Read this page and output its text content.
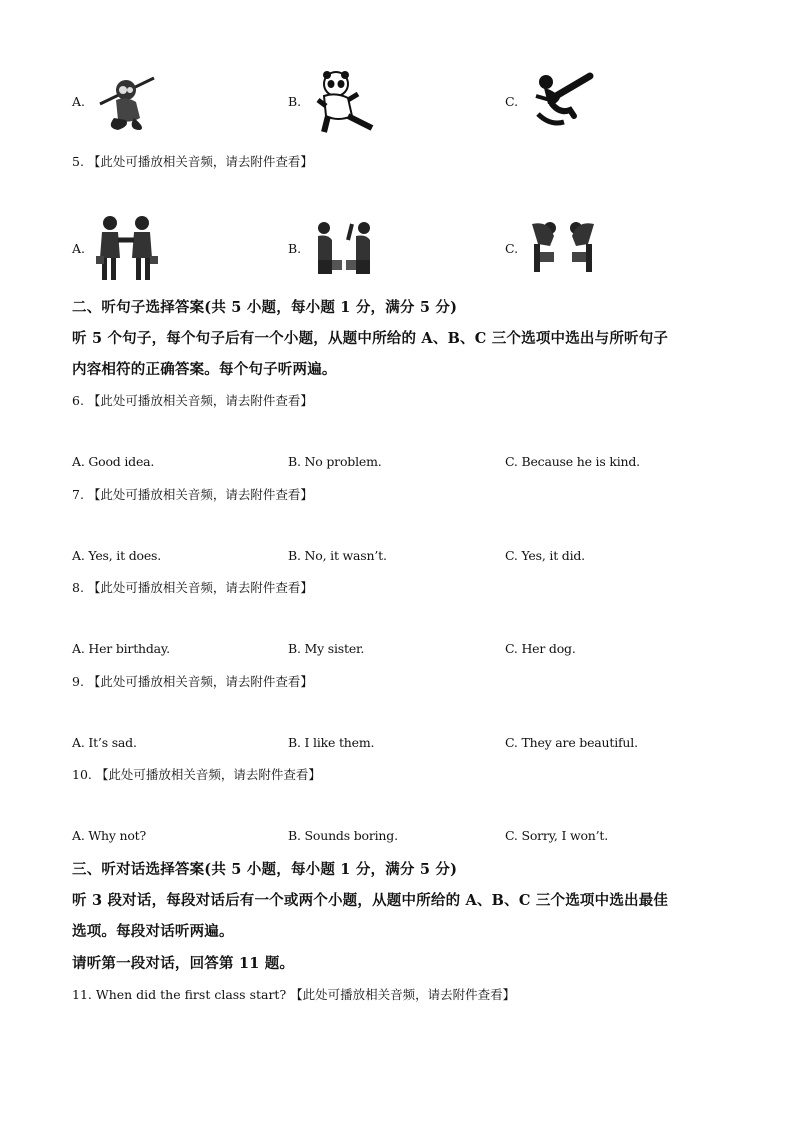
A.	B.	C.
5. 【此处可播放相关音频，请去附件查看】
A.	B.	C.
二、听句子选择答案(共 5 小题，每小题 1 分，满分 5 分)
听 5 个句子，每个句子后有一个小题，从题中所给的 A、B、C 三个选项中选出与所听句子
内容相符的正确答案。每个句子听两遍。
6. 【此处可播放相关音频，请去附件查看】
A. Good idea.	B. No problem.	C. Because he is kind.
7. 【此处可播放相关音频，请去附件查看】
A. Yes, it does.	B. No, it wasn’t.	C. Yes, it did.
8. 【此处可播放相关音频，请去附件查看】
A. Her birthday.	B. My sister.	C. Her dog.
9. 【此处可播放相关音频，请去附件查看】
A. It’s sad.	B. I like them.	C. They are beautiful.
10. 【此处可播放相关音频，请去附件查看】
A. Why not?	B. Sounds boring.	C. Sorry, I won’t.
三、听对话选择答案(共 5 小题，每小题 1 分，满分 5 分)
听 3 段对话，每段对话后有一个或两个小题，从题中所给的 A、B、C 三个选项中选出最佳
选项。每段对话听两遍。
请听第一段对话，回答第 11 题。
11. When did the first class start? 【此处可播放相关音频，请去附件查看】
